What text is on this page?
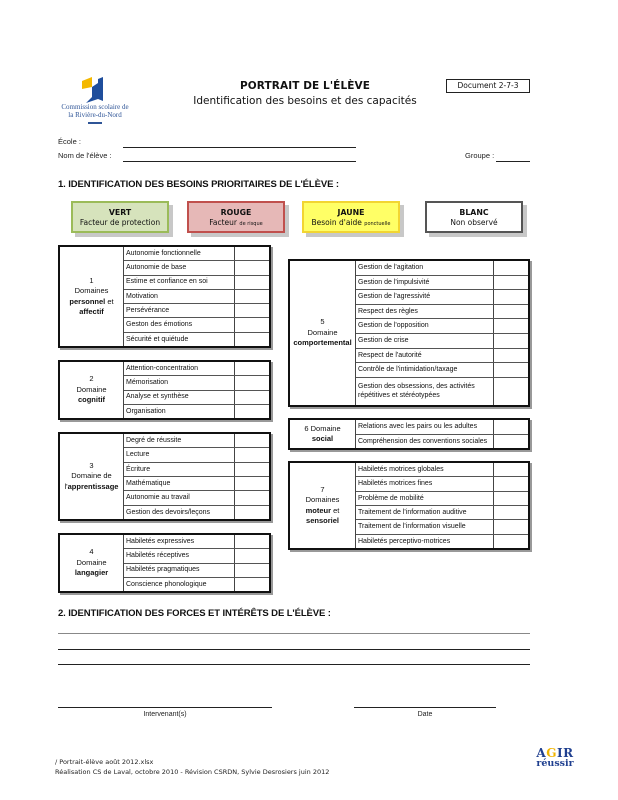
Commission scolaire de la Rivière-du-Nord
PORTRAIT DE L'ÉLÈVE
Identification des besoins et des capacités
Document 2-7-3
École :
Nom de l'élève :	Groupe :
1. IDENTIFICATION DES BESOINS PRIORITAIRES DE L'ÉLÈVE :
VERT
Facteur de protection
ROUGE
Facteur de risque
JAUNE
Besoin d'aide ponctuelle
BLANC
Non observé
1
Domaines
personnel et
affectif
Autonomie fonctionnelle
Autonomie de base
Estime et confiance en soi
Motivation
Persévérance
Geston des émotions
Sécurité et quiétude
2
Domaine
cognitif
Attention-concentration
Mémorisation
Analyse et synthèse
Organisation
3
Domaine de
l'apprentissage
Degré de réussite
Lecture
Écriture
Mathématique
Autonomie au travail
Gestion des devoirs/leçons
4
Domaine
langagier
Habiletés expressives
Habiletés réceptives
Habiletés pragmatiques
Conscience phonologique
5
Domaine
comportemental
Gestion de l'agitation
Gestion de l'impulsivité
Gestion de l'agressivité
Respect des règles
Gestion de l'opposition
Gestion de crise
Respect de l'autorité
Contrôle de l'intimidation/taxage
Gestion des obsessions, des activités répétitives et stéréotypées
6 Domaine
social
Relations avec les pairs ou les adultes
Compréhension des conventions sociales
7
Domaines
moteur et
sensoriel
Habiletés motrices globales
Habiletés motrices fines
Problème de mobilité
Traitement de l'information auditive
Traitement de l'information visuelle
Habiletés perceptivo-motrices
2. IDENTIFICATION DES FORCES ET INTÉRÊTS DE L'ÉLÈVE :
Intervenant(s)	Date
/ Portrait-élève août 2012.xlsx
Réalisation CS de Laval, octobre 2010 - Révision CSRDN, Sylvie Desrosiers juin 2012
AGIR
réussir
